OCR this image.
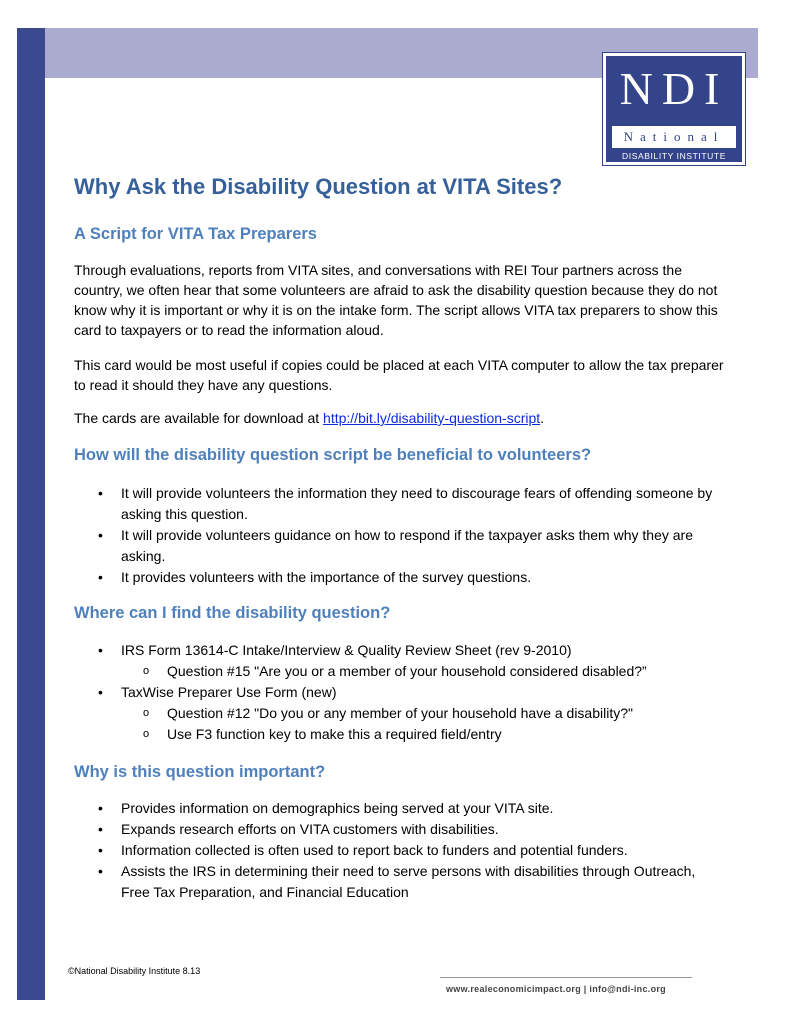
NDI
National
DISABILITY INSTITUTE
Why Ask the Disability Question at VITA Sites?
A Script for VITA Tax Preparers

Through evaluations, reports from VITA sites, and conversations with REI Tour partners across the country, we often hear that some volunteers are afraid to ask the disability question because they do not know why it is important or why it is on the intake form. The script allows VITA tax preparers to show this card to taxpayers or to read the information aloud.

This card would be most useful if copies could be placed at each VITA computer to allow the tax preparer to read it should they have any questions.

The cards are available for download at http://bit.ly/disability-question-script.

How will the disability question script be beneficial to volunteers?
• It will provide volunteers the information they need to discourage fears of offending someone by asking this question.
• It will provide volunteers guidance on how to respond if the taxpayer asks them why they are asking.
• It provides volunteers with the importance of the survey questions.
Where can I find the disability question?
• IRS Form 13614-C Intake/Interview & Quality Review Sheet (rev 9-2010)
o Question #15 "Are you or a member of your household considered disabled?”
• TaxWise Preparer Use Form (new)
o Question #12 "Do you or any member of your household have a disability?"
o Use F3 function key to make this a required field/entry
Why is this question important?
• Provides information on demographics being served at your VITA site.
• Expands research efforts on VITA customers with disabilities.
• Information collected is often used to report back to funders and potential funders.
• Assists the IRS in determining their need to serve persons with disabilities through Outreach, Free Tax Preparation, and Financial Education
©National Disability Institute 8.13
www.realeconomicimpact.org | info@ndi-inc.org
